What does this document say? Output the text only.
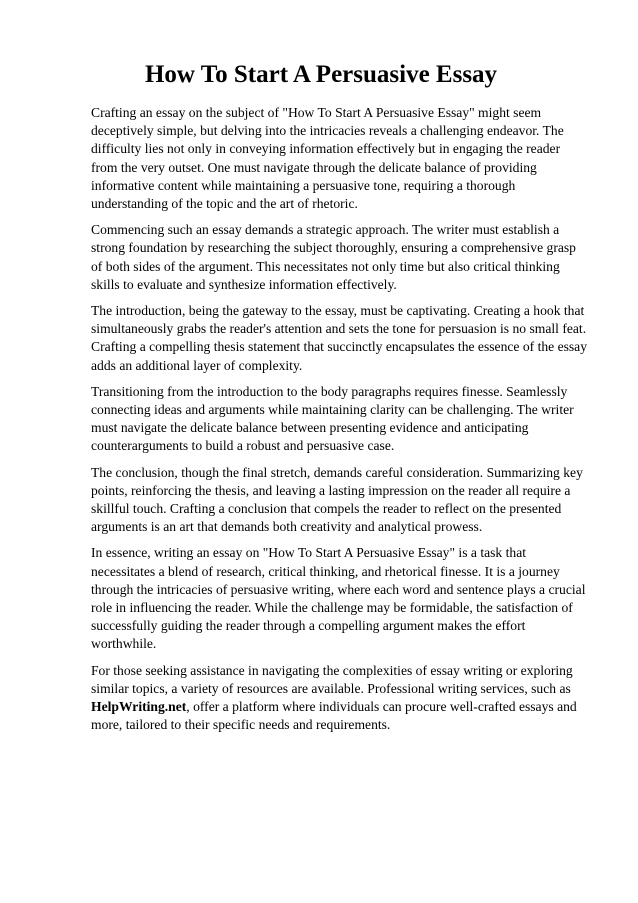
How To Start A Persuasive Essay

Crafting an essay on the subject of "How To Start A Persuasive Essay" might seem deceptively simple, but delving into the intricacies reveals a challenging endeavor. The difficulty lies not only in conveying information effectively but in engaging the reader from the very outset. One must navigate through the delicate balance of providing informative content while maintaining a persuasive tone, requiring a thorough understanding of the topic and the art of rhetoric.

Commencing such an essay demands a strategic approach. The writer must establish a strong foundation by researching the subject thoroughly, ensuring a comprehensive grasp of both sides of the argument. This necessitates not only time but also critical thinking skills to evaluate and synthesize information effectively.

The introduction, being the gateway to the essay, must be captivating. Creating a hook that simultaneously grabs the reader's attention and sets the tone for persuasion is no small feat. Crafting a compelling thesis statement that succinctly encapsulates the essence of the essay adds an additional layer of complexity.

Transitioning from the introduction to the body paragraphs requires finesse. Seamlessly connecting ideas and arguments while maintaining clarity can be challenging. The writer must navigate the delicate balance between presenting evidence and anticipating counterarguments to build a robust and persuasive case.

The conclusion, though the final stretch, demands careful consideration. Summarizing key points, reinforcing the thesis, and leaving a lasting impression on the reader all require a skillful touch. Crafting a conclusion that compels the reader to reflect on the presented arguments is an art that demands both creativity and analytical prowess.

In essence, writing an essay on "How To Start A Persuasive Essay" is a task that necessitates a blend of research, critical thinking, and rhetorical finesse. It is a journey through the intricacies of persuasive writing, where each word and sentence plays a crucial role in influencing the reader. While the challenge may be formidable, the satisfaction of successfully guiding the reader through a compelling argument makes the effort worthwhile.

For those seeking assistance in navigating the complexities of essay writing or exploring similar topics, a variety of resources are available. Professional writing services, such as HelpWriting.net, offer a platform where individuals can procure well-crafted essays and more, tailored to their specific needs and requirements.
